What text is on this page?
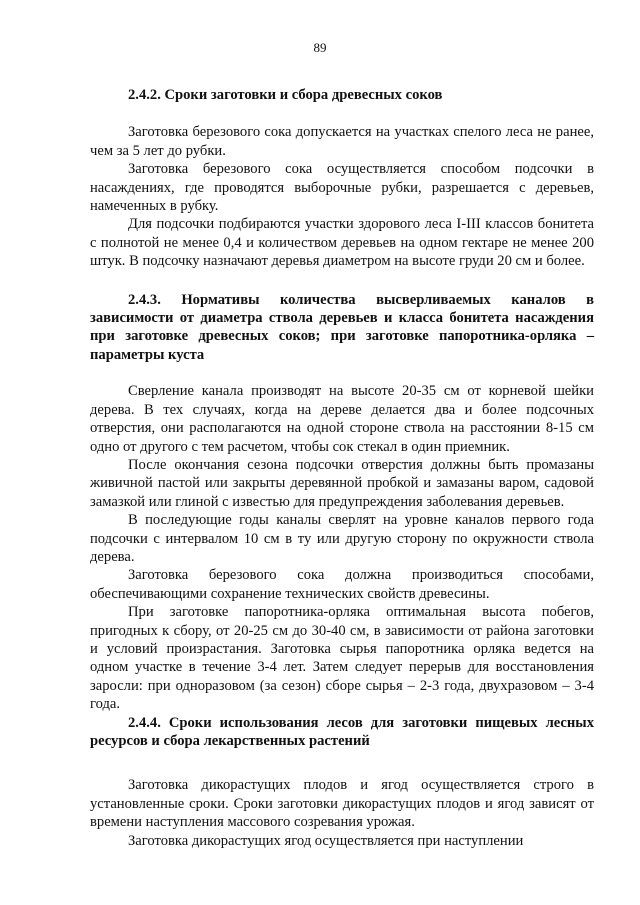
89

2.4.2. Сроки заготовки и сбора древесных соков

Заготовка березового сока допускается на участках спелого леса не ранее, чем за 5 лет до рубки.

Заготовка березового сока осуществляется способом подсочки в насаждениях, где проводятся выборочные рубки, разрешается с деревьев, намеченных в рубку.

Для подсочки подбираются участки здорового леса I-III классов бонитета с полнотой не менее 0,4 и количеством деревьев на одном гектаре не менее 200 штук. В подсочку назначают деревья диаметром на высоте груди 20 см и более.

2.4.3. Нормативы количества высверливаемых каналов в зависимости от диаметра ствола деревьев и класса бонитета насаждения при заготовке древесных соков; при заготовке папоротника-орляка – параметры куста

Сверление канала производят на высоте 20-35 см от корневой шейки дерева. В тех случаях, когда на дереве делается два и более подсочных отверстия, они располагаются на одной стороне ствола на расстоянии 8-15 см одно от другого с тем расчетом, чтобы сок стекал в один приемник.

После окончания сезона подсочки отверстия должны быть промазаны живичной пастой или закрыты деревянной пробкой и замазаны варом, садовой замазкой или глиной с известью для предупреждения заболевания деревьев.

В последующие годы каналы сверлят на уровне каналов первого года подсочки с интервалом 10 см в ту или другую сторону по окружности ствола дерева.

Заготовка березового сока должна производиться способами, обеспечивающими сохранение технических свойств древесины.

При заготовке папоротника-орляка оптимальная высота побегов, пригодных к сбору, от 20-25 см до 30-40 см, в зависимости от района заготовки и условий произрастания. Заготовка сырья папоротника орляка ведется на одном участке в течение 3-4 лет. Затем следует перерыв для восстановления заросли: при одноразовом (за сезон) сборе сырья – 2-3 года, двухразовом – 3-4 года.

2.4.4. Сроки использования лесов для заготовки пищевых лесных ресурсов и сбора лекарственных растений

Заготовка дикорастущих плодов и ягод осуществляется строго в установленные сроки. Сроки заготовки дикорастущих плодов и ягод зависят от времени наступления массового созревания урожая.

Заготовка дикорастущих ягод осуществляется при наступлении
